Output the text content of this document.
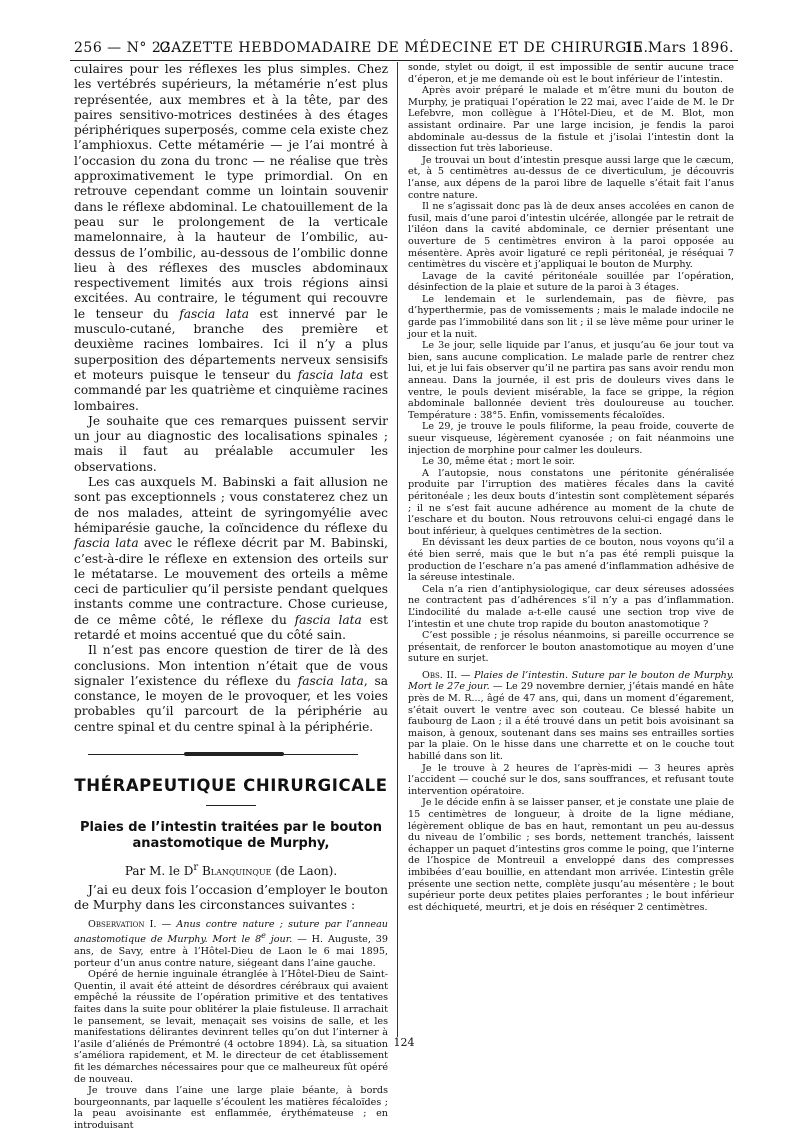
256 — N° 22.
GAZETTE HEBDOMADAIRE DE MÉDECINE ET DE CHIRURGIE.
15 Mars 1896.

culaires pour les réflexes les plus simples. Chez les vertébrés supérieurs, la métamérie n’est plus représentée, aux membres et à la tête, par des paires sensitivo-motrices destinées à des étages périphériques superposés, comme cela existe chez l’amphioxus. Cette métamérie — je l’ai montré à l’occasion du zona du tronc — ne réalise que très approximativement le type primordial. On en retrouve cependant comme un lointain souvenir dans le réflexe abdominal. Le chatouillement de la peau sur le prolongement de la verticale mamelonnaire, à la hauteur de l’ombilic, au-dessus de l’ombilic, au-dessous de l’ombilic donne lieu à des réflexes des muscles abdominaux respectivement limités aux trois régions ainsi excitées. Au contraire, le tégument qui recouvre le tenseur du fascia lata est innervé par le musculo-cutané, branche des première et deuxième racines lombaires. Ici il n’y a plus superposition des départements nerveux sensisifs et moteurs puisque le tenseur du fascia lata est commandé par les quatrième et cinquième racines lombaires.

Je souhaite que ces remarques puissent servir un jour au diagnostic des localisations spinales ; mais il faut au préalable accumuler les observations.

Les cas auxquels M. Babinski a fait allusion ne sont pas exceptionnels ; vous constaterez chez un de nos malades, atteint de syringomyélie avec hémiparésie gauche, la coïncidence du réflexe du fascia lata avec le réflexe décrit par M. Babinski, c’est-à-dire le réflexe en extension des orteils sur le métatarse. Le mouvement des orteils a même ceci de particulier qu’il persiste pendant quelques instants comme une contracture. Chose curieuse, de ce même côté, le réflexe du fascia lata est retardé et moins accentué que du côté sain.

Il n’est pas encore question de tirer de là des conclusions. Mon intention n’était que de vous signaler l’existence du réflexe du fascia lata, sa constance, le moyen de le provoquer, et les voies probables qu’il parcourt de la périphérie au centre spinal et du centre spinal à la périphérie.

THÉRAPEUTIQUE CHIRURGICALE
Plaies de l’intestin traitées par le bouton anastomotique de Murphy,
Par M. le $D^r$ Blanquinque (de Laon).

J’ai eu deux fois l’occasion d’employer le bouton de Murphy dans les circonstances suivantes :

Observation I. — Anus contre nature ; suture par l’anneau anastomotique de Murphy. Mort le 8e jour. — H. Auguste, 39 ans, de Savy, entre à l’Hôtel-Dieu de Laon le 6 mai 1895, porteur d’un anus contre nature, siégeant dans l’aine gauche.

Opéré de hernie inguinale étranglée à l’Hôtel-Dieu de Saint-Quentin, il avait été atteint de désordres cérébraux qui avaient empêché la réussite de l’opération primitive et des tentatives faites dans la suite pour oblitérer la plaie fistuleuse. Il arrachait le pansement, se levait, menaçait ses voisins de salle, et les manifestations délirantes devinrent telles qu’on dut l’interner à l’asile d’aliénés de Prémontré (4 octobre 1894). Là, sa situation s’améliora rapidement, et M. le directeur de cet établissement fit les démarches nécessaires pour que ce malheureux fût opéré de nouveau.

Je trouve dans l’aine une large plaie béante, à bords bourgeonnants, par laquelle s’écoulent les matières fécaloïdes ; la peau avoisinante est enflammée, érythémateuse ; en introduisant

sonde, stylet ou doigt, il est impossible de sentir aucune trace d’éperon, et je me demande où est le bout inférieur de l’intestin.

Après avoir préparé le malade et m’être muni du bouton de Murphy, je pratiquai l’opération le 22 mai, avec l’aide de M. le Dr Lefebvre, mon collègue à l’Hôtel-Dieu, et de M. Blot, mon assistant ordinaire. Par une large incision, je fendis la paroi abdominale au-dessus de la fistule et j’isolai l’intestin dont la dissection fut très laborieuse.

Je trouvai un bout d’intestin presque aussi large que le cæcum, et, à 5 centimètres au-dessus de ce diverticulum, je découvris l’anse, aux dépens de la paroi libre de laquelle s’était fait l’anus contre nature.

Il ne s’agissait donc pas là de deux anses accolées en canon de fusil, mais d’une paroi d’intestin ulcérée, allongée par le retrait de l’iléon dans la cavité abdominale, ce dernier présentant une ouverture de 5 centimètres environ à la paroi opposée au mésentère. Après avoir ligaturé ce repli péritonéal, je réséquai 7 centimètres du viscère et j’appliquai le bouton de Murphy.

Lavage de la cavité péritonéale souillée par l’opération, désinfection de la plaie et suture de la paroi à 3 étages.

Le lendemain et le surlendemain, pas de fièvre, pas d’hyperthermie, pas de vomissements ; mais le malade indocile ne garde pas l’immobilité dans son lit ; il se lève même pour uriner le jour et la nuit.

Le 3e jour, selle liquide par l’anus, et jusqu’au 6e jour tout va bien, sans aucune complication. Le malade parle de rentrer chez lui, et je lui fais observer qu’il ne partira pas sans avoir rendu mon anneau. Dans la journée, il est pris de douleurs vives dans le ventre, le pouls devient misérable, la face se grippe, la région abdominale ballonnée devient très douloureuse au toucher. Température : 38°5. Enfin, vomissements fécaloïdes.

Le 29, je trouve le pouls filiforme, la peau froide, couverte de sueur visqueuse, légèrement cyanosée ; on fait néanmoins une injection de morphine pour calmer les douleurs.

Le 30, même état ; mort le soir.

A l’autopsie, nous constatons une péritonite généralisée produite par l’irruption des matières fécales dans la cavité péritonéale ; les deux bouts d’intestin sont complètement séparés ; il ne s’est fait aucune adhérence au moment de la chute de l’eschare et du bouton. Nous retrouvons celui-ci engagé dans le bout inférieur, à quelques centimètres de la section.

En dévissant les deux parties de ce bouton, nous voyons qu’il a été bien serré, mais que le but n’a pas été rempli puisque la production de l’eschare n’a pas amené d’inflammation adhésive de la séreuse intestinale.

Cela n’a rien d’antiphysiologique, car deux séreuses adossées ne contractent pas d’adhérences s’il n’y a pas d’inflammation. L’indocilité du malade a-t-elle causé une section trop vive de l’intestin et une chute trop rapide du bouton anastomotique ?

C’est possible ; je résolus néanmoins, si pareille occurrence se présentait, de renforcer le bouton anastomotique au moyen d’une suture en surjet.

Obs. II. — Plaies de l’intestin. Suture par le bouton de Murphy. Mort le 27e jour. — Le 29 novembre dernier, j’étais mandé en hâte près de M. R..., âgé de 47 ans, qui, dans un moment d’égarement, s’était ouvert le ventre avec son couteau. Ce blessé habite un faubourg de Laon ; il a été trouvé dans un petit bois avoisinant sa maison, à genoux, soutenant dans ses mains ses entrailles sorties par la plaie. On le hisse dans une charrette et on le couche tout habillé dans son lit.

Je le trouve à 2 heures de l’après-midi — 3 heures après l’accident — couché sur le dos, sans souffrances, et refusant toute intervention opératoire.

Je le décide enfin à se laisser panser, et je constate une plaie de 15 centimètres de longueur, à droite de la ligne médiane, légèrement oblique de bas en haut, remontant un peu au-dessus du niveau de l’ombilic ; ses bords, nettement tranchés, laissent échapper un paquet d’intestins gros comme le poing, que l’interne de l’hospice de Montreuil a enveloppé dans des compresses imbibées d’eau bouillie, en attendant mon arrivée. L’intestin grêle présente une section nette, complète jusqu’au mésentère ; le bout supérieur porte deux petites plaies perforantes ; le bout inférieur est déchiqueté, meurtri, et je dois en réséquer 2 centimètres.

124
